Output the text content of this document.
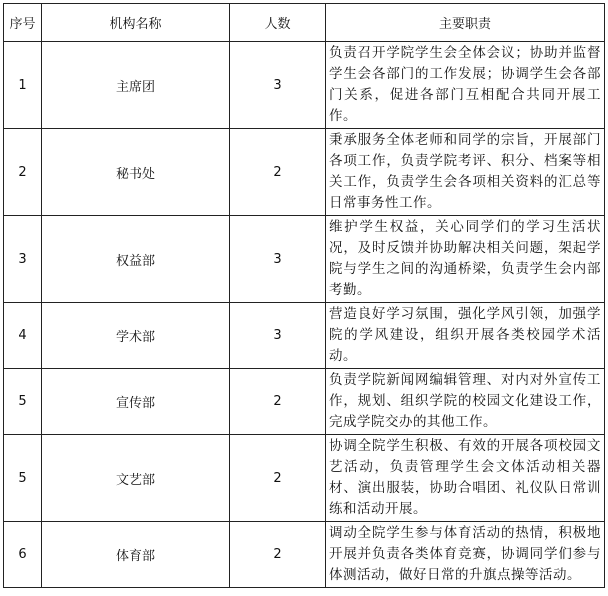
序号	机构名称	人数	主要职责
1	主席团	3	负责召开学院学生会全体会议；协助并监督学生会各部门的工作发展；协调学生会各部门关系，促进各部门互相配合共同开展工作。
2	秘书处	2	秉承服务全体老师和同学的宗旨，开展部门各项工作，负责学院考评、积分、档案等相关工作，负责学生会各项相关资料的汇总等日常事务性工作。
3	权益部	3	维护学生权益，关心同学们的学习生活状况，及时反馈并协助解决相关问题，架起学院与学生之间的沟通桥梁，负责学生会内部考勤。
4	学术部	3	营造良好学习氛围，强化学风引领，加强学院的学风建设，组织开展各类校园学术活动。
5	宣传部	2	负责学院新闻网编辑管理、对内对外宣传工作，规划、组织学院的校园文化建设工作，完成学院交办的其他工作。
5	文艺部	2	协调全院学生积极、有效的开展各项校园文艺活动，负责管理学生会文体活动相关器材、演出服装，协助合唱团、礼仪队日常训练和活动开展。
6	体育部	2	调动全院学生参与体育活动的热情，积极地开展并负责各类体育竞赛，协调同学们参与体测活动，做好日常的升旗点操等活动。
